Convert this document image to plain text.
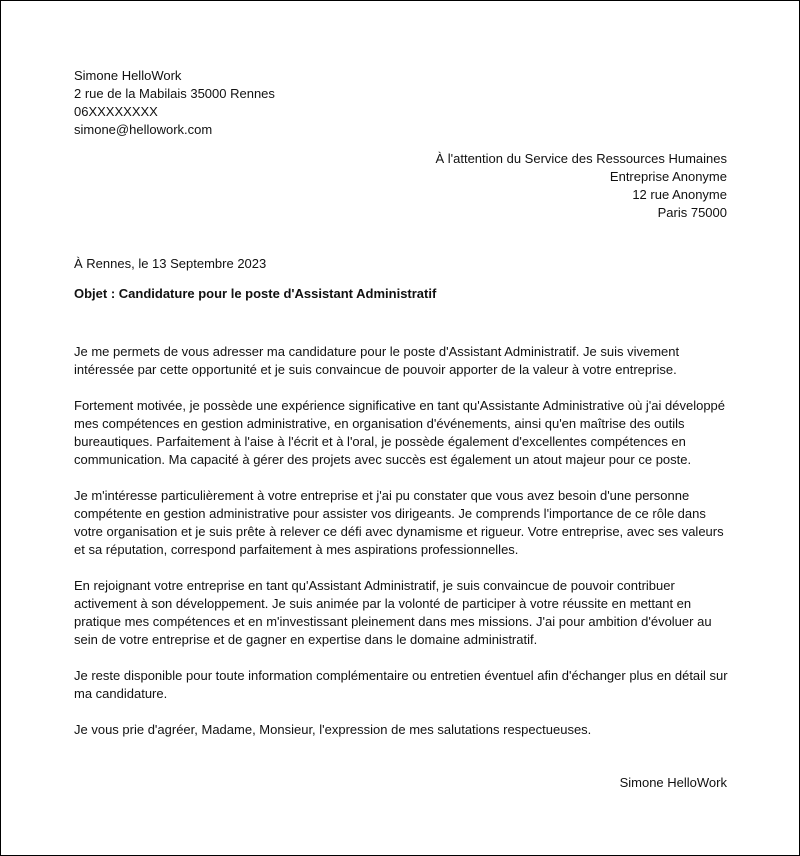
Simone HelloWork
2 rue de la Mabilais 35000 Rennes
06XXXXXXXX
simone@hellowork.com
À l'attention du Service des Ressources Humaines
Entreprise Anonyme
12 rue Anonyme
Paris 75000
À Rennes, le 13 Septembre 2023
Objet : Candidature pour le poste d'Assistant Administratif

Je me permets de vous adresser ma candidature pour le poste d'Assistant Administratif. Je suis vivement intéressée par cette opportunité et je suis convaincue de pouvoir apporter de la valeur à votre entreprise.

Fortement motivée, je possède une expérience significative en tant qu'Assistante Administrative où j'ai développé mes compétences en gestion administrative, en organisation d'événements, ainsi qu'en maîtrise des outils bureautiques. Parfaitement à l'aise à l'écrit et à l'oral, je possède également d'excellentes compétences en communication. Ma capacité à gérer des projets avec succès est également un atout majeur pour ce poste.

Je m'intéresse particulièrement à votre entreprise et j'ai pu constater que vous avez besoin d'une personne compétente en gestion administrative pour assister vos dirigeants. Je comprends l'importance de ce rôle dans votre organisation et je suis prête à relever ce défi avec dynamisme et rigueur. Votre entreprise, avec ses valeurs et sa réputation, correspond parfaitement à mes aspirations professionnelles.

En rejoignant votre entreprise en tant qu'Assistant Administratif, je suis convaincue de pouvoir contribuer activement à son développement. Je suis animée par la volonté de participer à votre réussite en mettant en pratique mes compétences et en m'investissant pleinement dans mes missions. J'ai pour ambition d'évoluer au sein de votre entreprise et de gagner en expertise dans le domaine administratif.

Je reste disponible pour toute information complémentaire ou entretien éventuel afin d'échanger plus en détail sur ma candidature.

Je vous prie d'agréer, Madame, Monsieur, l'expression de mes salutations respectueuses.

Simone HelloWork
